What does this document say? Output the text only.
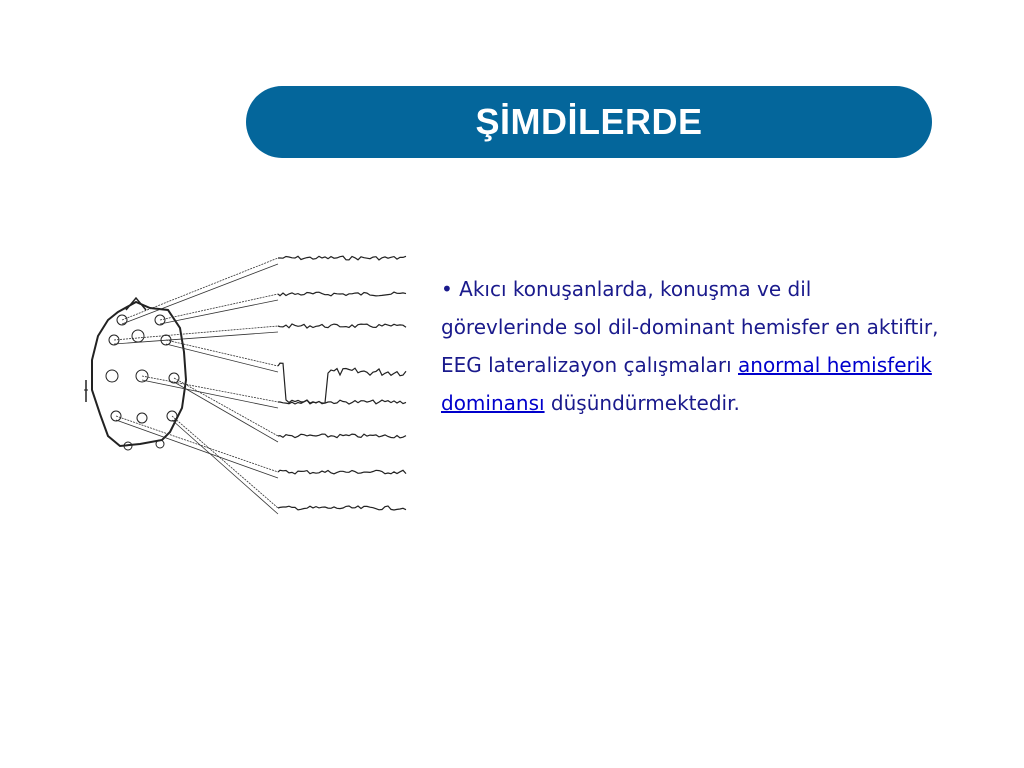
ŞİMDİLERDE
• Akıcı konuşanlarda, konuşma ve dil görevlerinde sol dil-dominant hemisfer en aktiftir, EEG lateralizayon çalışmaları anormal hemisferik dominansı düşündürmektedir.
